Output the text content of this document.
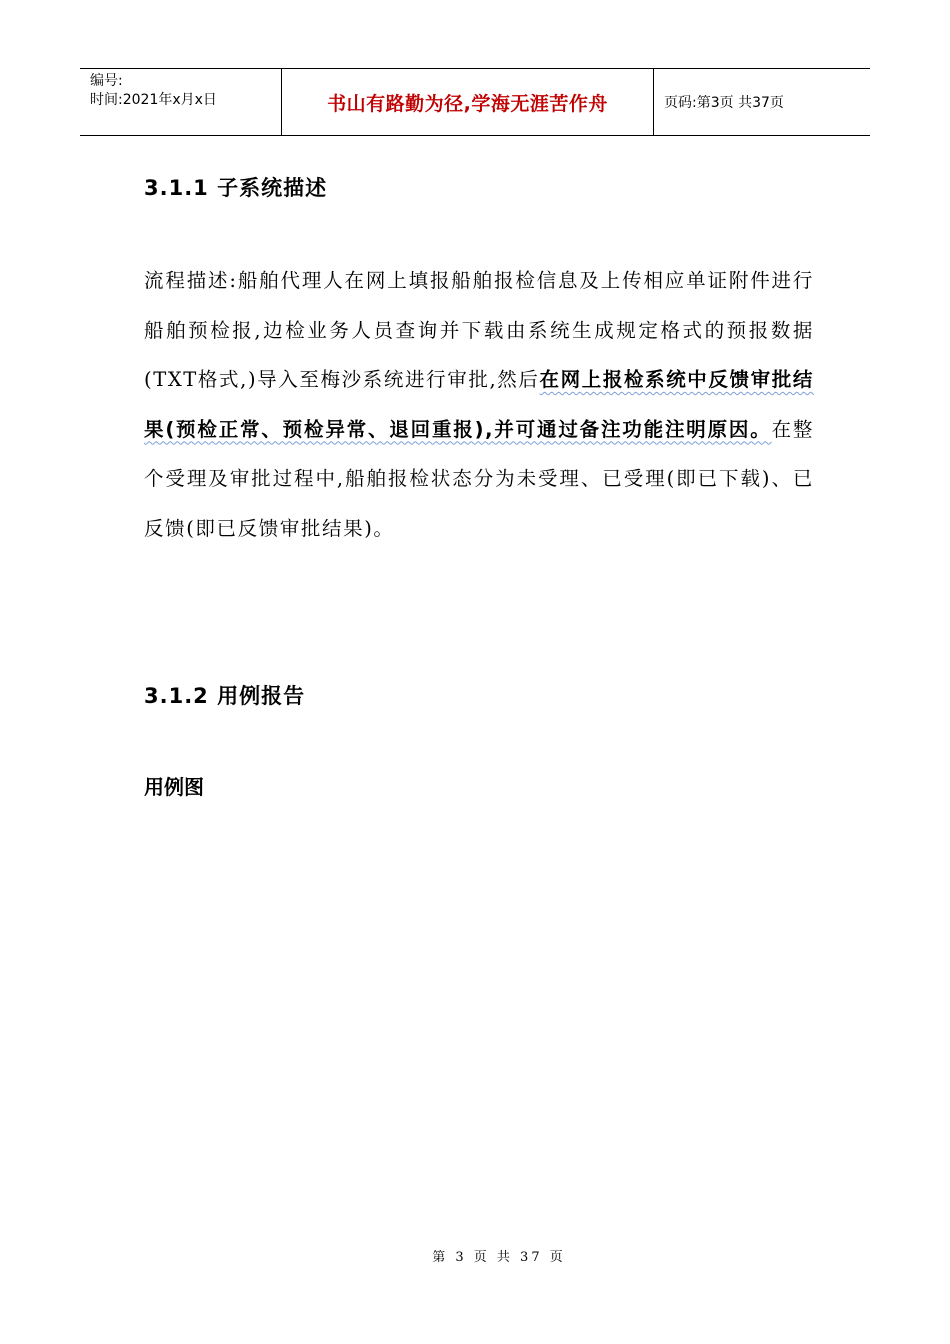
编号:
时间:2021年x月x日	书山有路勤为径,学海无涯苦作舟	页码:第3页 共37页
3.1.1 子系统描述
流程描述:船舶代理人在网上填报船舶报检信息及上传相应单证附件进行船舶预检报,边检业务人员查询并下载由系统生成规定格式的预报数据(TXT格式,)导入至梅沙系统进行审批,然后在网上报检系统中反馈审批结果(预检正常、预检异常、退回重报),并可通过备注功能注明原因。在整个受理及审批过程中,船舶报检状态分为未受理、已受理(即已下载)、已反馈(即已反馈审批结果)。
3.1.2 用例报告
用例图
第 3 页 共 37 页
